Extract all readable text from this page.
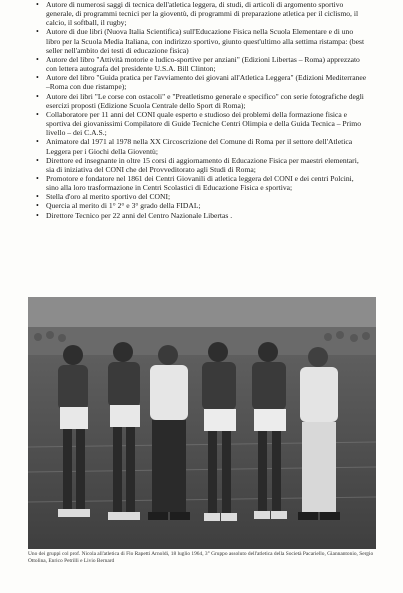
• Autore di numerosi saggi di tecnica dell'atletica leggera, di studi, di articoli di argomento sportivo generale, di programmi tecnici per la gioventù, di programmi di preparazione atletica per il ciclismo, il calcio, il softball, il rugby;
• Autore di due libri (Nuova Italia Scientifica) sull'Educazione Fisica nella Scuola Elementare e di uno libro per la Scuola Media Italiana, con indirizzo sportivo, giunto quest'ultimo alla settima ristampa: (best seller nell'ambito dei testi di educazione fisica)
• Autore del libro "Attività motorie e ludico-sportive per anziani" (Edizioni Libertas – Roma) apprezzato con lettera autografa del presidente U.S.A. Bill Clinton;
• Autore del libro "Guida pratica per l'avviamento dei giovani all'Atletica Leggera" (Edizioni Mediterranee –Roma con due ristampe);
• Autore dei libri "Le corse con ostacoli" e "Preatletismo generale e specifico" con serie fotografiche degli esercizi proposti (Edizione Scuola Centrale dello Sport di Roma);
• Collaboratore per 11 anni del CONI quale esperto e studioso dei problemi della formazione fisica e sportiva dei giovanissimi Compilatore di Guide Tecniche Centri Olimpia e della Guida Tecnica – Primo livello – dei C.A.S.;
• Animatore dal 1971 al 1978 nella XX Circoscrizione del Comune di Roma per il settore dell'Atletica Leggera per i Giochi della Gioventù;
• Direttore ed insegnante in oltre 15 corsi di aggiornamento di Educazione Fisica per maestri elementari, sia di iniziativa del CONI che del Provveditorato agli Studi di Roma;
• Promotore e fondatore nel 1861 dei Centri Giovanili di atletica leggera del CONI e dei centri Polcini, sino alla loro trasformazione in Centri Scolastici di Educazione Fisica e sportiva;
• Stella d'oro al merito sportivo del CONI;
• Quercia al merito di 1° 2° e 3° grado della FIDAL;
• Direttore Tecnico per 22 anni del Centro Nazionale Libertas .
Uno dei gruppi col prof. Nicola all'atletica di Flo Rapetti Arnoldi, 18 luglio 1964, 3° Gruppo assoluto dell'atletica della Società Pacariello, Giannantonio, Sergio Ottolina, Enrico Petrilli e Livio Bernard
